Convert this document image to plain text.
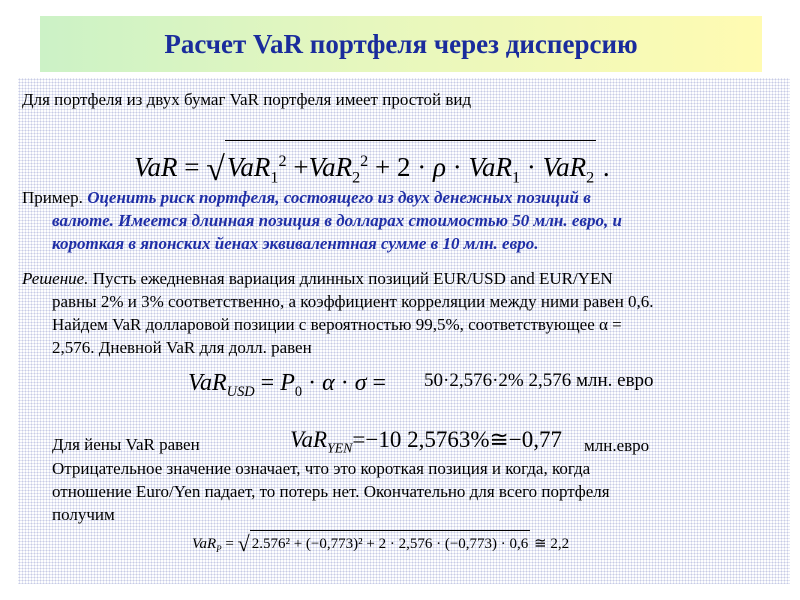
Расчет VaR портфеля через дисперсию
Для портфеля из двух бумаг VaR портфеля имеет простой вид
VaR = √VaR$_1^2$ +VaR$_2^2$ + 2 · ρ · VaR$_1$ · VaR$_2$ .
Пример. Оценить риск портфеля, состоящего из двух денежных позиций в
валюте. Имеется длинная позиция в долларах стоимостью 50 млн. евро, и
короткая в японских йенах эквивалентная сумме в 10 млн. евро.
Решение. Пусть ежедневная вариация длинных позиций EUR/USD and EUR/YEN
равны 2% и 3% соответственно, а коэффициент корреляции между ними равен 0,6.
Найдем VaR долларовой позиции с вероятностью 99,5%, соответствующее α =
2,576. Дневной VaR для долл. равен
$VaR_{USD} = P_0 \cdot \alpha \cdot \sigma = 50\cdot 2,576\cdot 2\%$ 2,576 млн. евро
Для йены VaR равен	VaR$_{YEN}$=−10 2,5763%≅−0,77 млн.евро
Отрицательное значение означает, что это короткая позиция и когда, когда
отношение Euro/Yen падает, то потерь нет. Окончательно для всего портфеля
получим
VaR$_P$ = √ 2.576² + (−0,773)² + 2 · 2,576 · (−0,773) · 0,6 ≅ 2,2
